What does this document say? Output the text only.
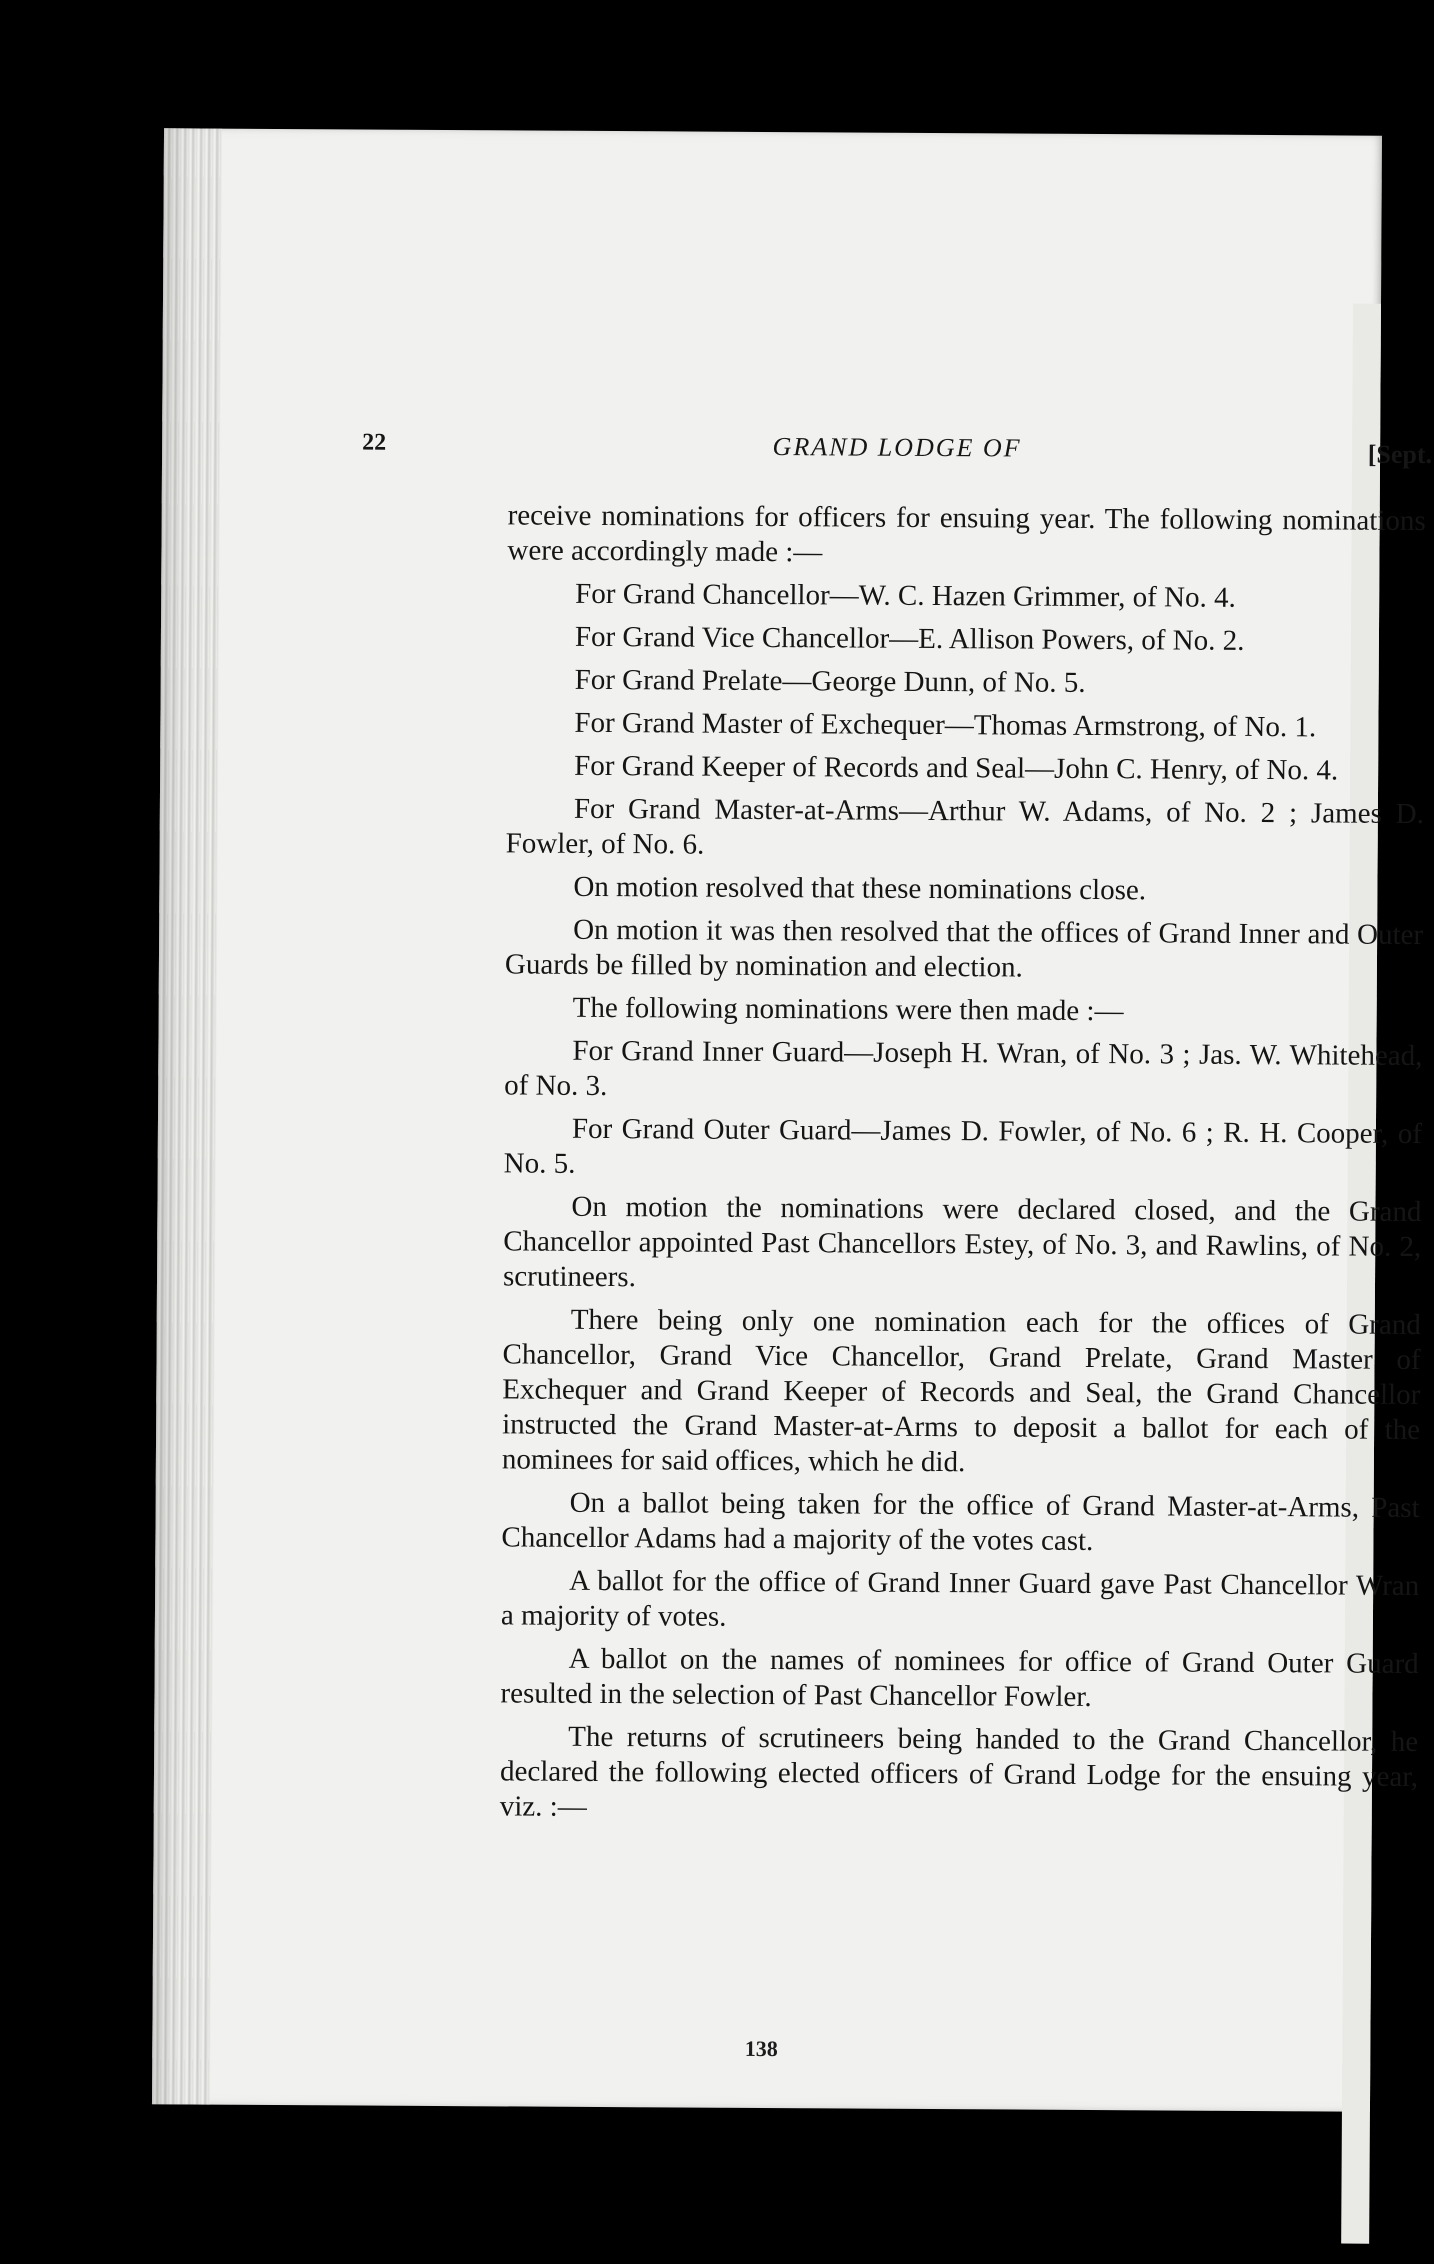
22	GRAND LODGE OF	[Sept.

receive nominations for officers for ensuing year. The following nominations were accordingly made :—

For Grand Chancellor—W. C. Hazen Grimmer, of No. 4.

For Grand Vice Chancellor—E. Allison Powers, of No. 2.

For Grand Prelate—George Dunn, of No. 5.

For Grand Master of Exchequer—Thomas Armstrong, of No. 1.

For Grand Keeper of Records and Seal—John C. Henry, of No. 4.

For Grand Master-at-Arms—Arthur W. Adams, of No. 2 ; James D. Fowler, of No. 6.

On motion resolved that these nominations close.

On motion it was then resolved that the offices of Grand Inner and Outer Guards be filled by nomination and election.

The following nominations were then made :—

For Grand Inner Guard—Joseph H. Wran, of No. 3 ; Jas. W. Whitehead, of No. 3.

For Grand Outer Guard—James D. Fowler, of No. 6 ; R. H. Cooper, of No. 5.

On motion the nominations were declared closed, and the Grand Chancellor appointed Past Chancellors Estey, of No. 3, and Rawlins, of No. 2, scrutineers.

There being only one nomination each for the offices of Grand Chancellor, Grand Vice Chancellor, Grand Prelate, Grand Master of Exchequer and Grand Keeper of Records and Seal, the Grand Chancellor instructed the Grand Master-at-Arms to deposit a ballot for each of the nominees for said offices, which he did.

On a ballot being taken for the office of Grand Master-at-Arms, Past Chancellor Adams had a majority of the votes cast.

A ballot for the office of Grand Inner Guard gave Past Chancellor Wran a majority of votes.

A ballot on the names of nominees for office of Grand Outer Guard resulted in the selection of Past Chancellor Fowler.

The returns of scrutineers being handed to the Grand Chancellor, he declared the following elected officers of Grand Lodge for the ensuing year, viz. :—

138
